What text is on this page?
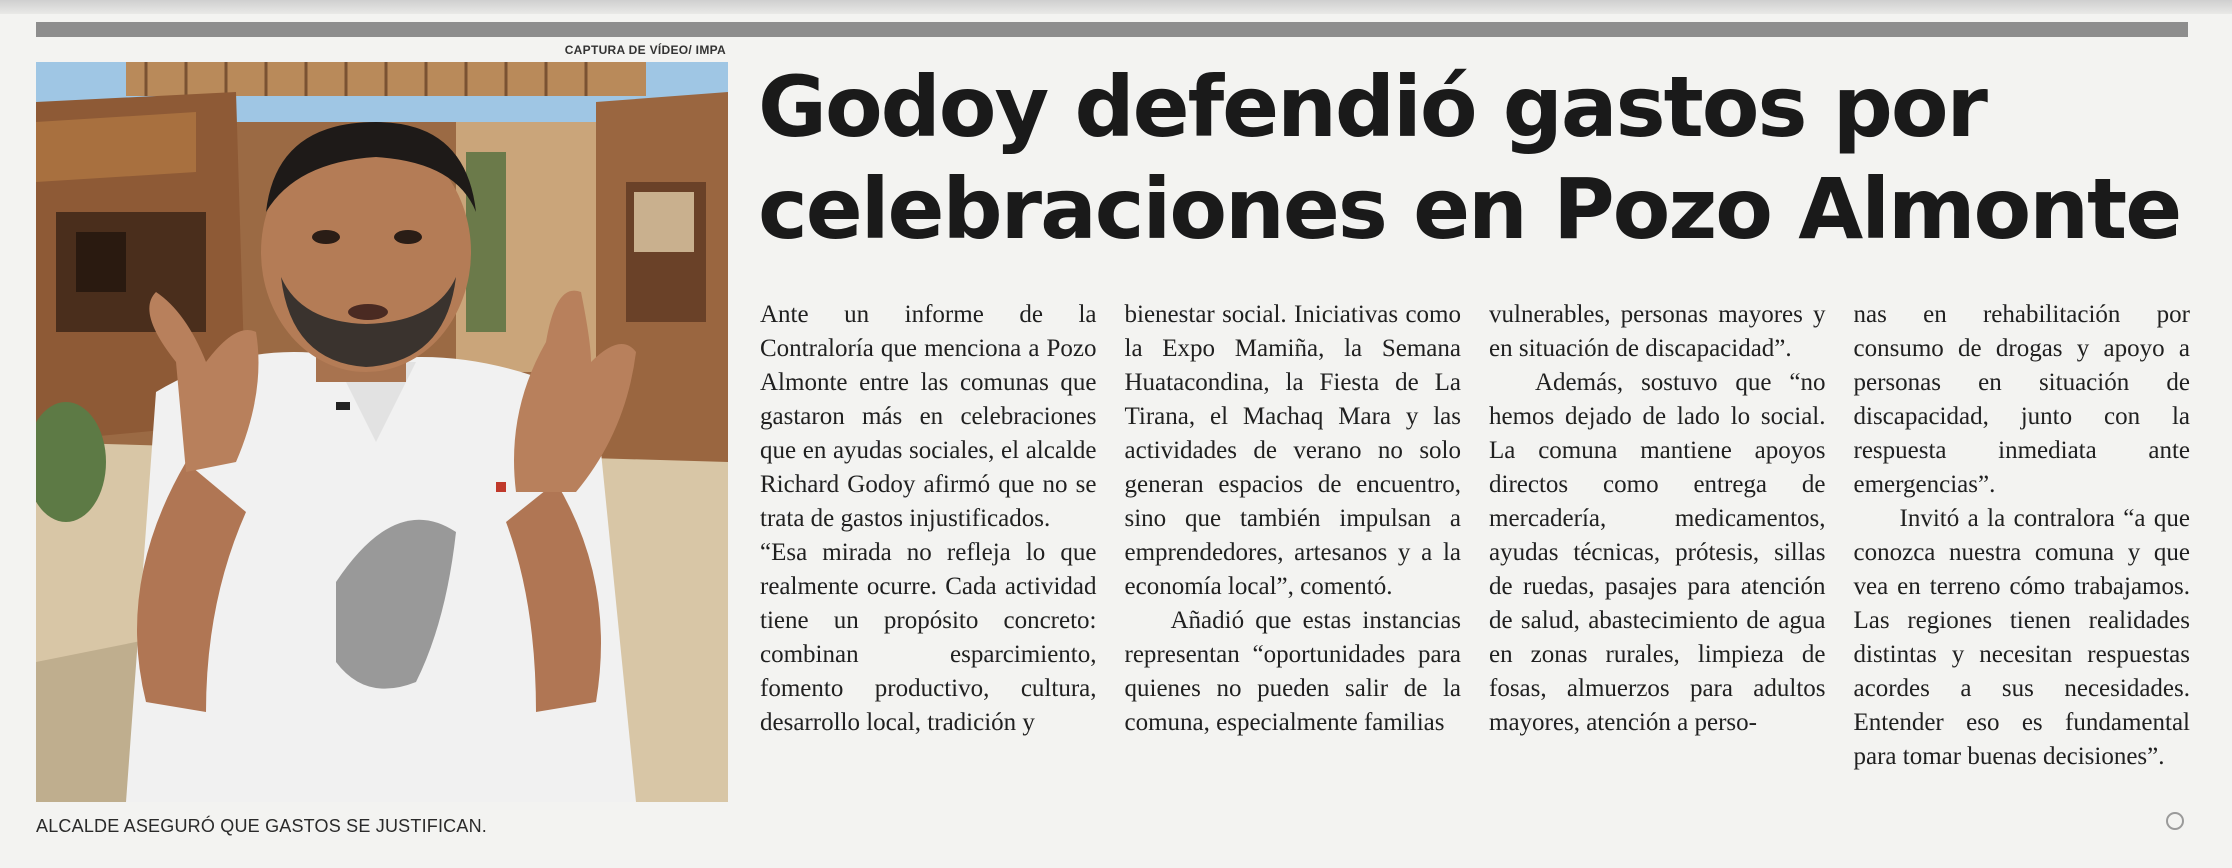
CAPTURA DE VÍDEO/ IMPA
ALCALDE ASEGURÓ QUE GASTOS SE JUSTIFICAN.
Godoy defendió gastos por celebraciones en Pozo Almonte

Ante un informe de la Contraloría que menciona a Pozo Almonte entre las comunas que gastaron más en celebraciones que en ayudas sociales, el alcalde Richard Godoy afirmó que no se trata de gastos injustificados.

“Esa mirada no refleja lo que realmente ocurre. Cada actividad tiene un propósito concreto: combinan esparcimiento, fomento productivo, cultura, desarrollo local, tradición y

bienestar social. Iniciativas como la Expo Mamiña, la Semana Huatacondina, la Fiesta de La Tirana, el Machaq Mara y las actividades de verano no solo generan espacios de encuentro, sino que también impulsan a emprendedores, artesanos y a la economía local”, comentó.

Añadió que estas instancias representan “oportunidades para quienes no pueden salir de la comuna, especialmente familias

vulnerables, personas mayores y en situación de discapacidad”.

Además, sostuvo que “no hemos dejado de lado lo social. La comuna mantiene apoyos directos como entrega de mercadería, medicamentos, ayudas técnicas, prótesis, sillas de ruedas, pasajes para atención de salud, abastecimiento de agua en zonas rurales, limpieza de fosas, almuerzos para adultos mayores, atención a perso-

nas en rehabilitación por consumo de drogas y apoyo a personas en situación de discapacidad, junto con la respuesta inmediata ante emergencias”.

Invitó a la contralora “a que conozca nuestra comuna y que vea en terreno cómo trabajamos. Las regiones tienen realidades distintas y necesitan respuestas acordes a sus necesidades. Entender eso es fundamental para tomar buenas decisiones”.
